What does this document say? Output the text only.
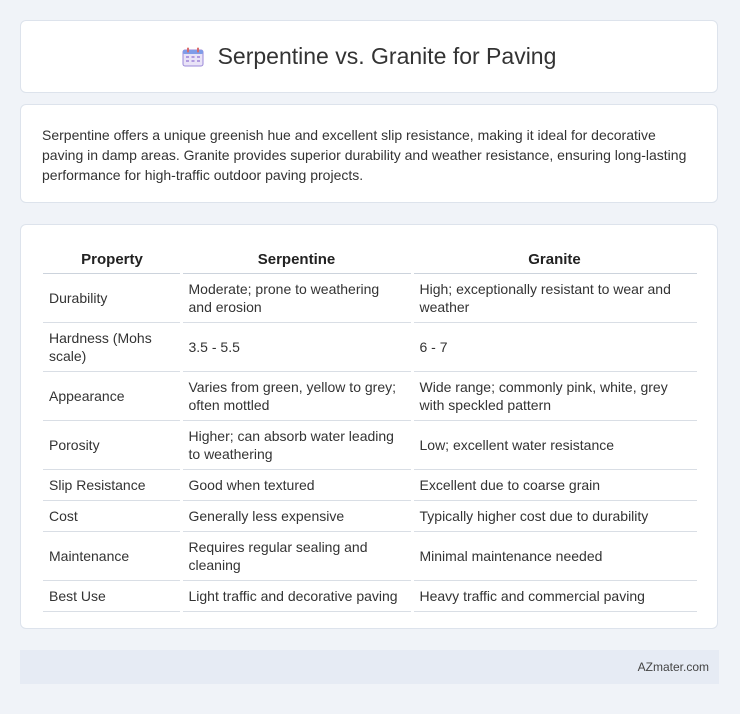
Serpentine vs. Granite for Paving

Serpentine offers a unique greenish hue and excellent slip resistance, making it ideal for decorative paving in damp areas. Granite provides superior durability and weather resistance, ensuring long-lasting performance for high-traffic outdoor paving projects.

Property	Serpentine	Granite
Durability	Moderate; prone to weathering and erosion	High; exceptionally resistant to wear and weather
Hardness (Mohs scale)	3.5 - 5.5	6 - 7
Appearance	Varies from green, yellow to grey; often mottled	Wide range; commonly pink, white, grey with speckled pattern
Porosity	Higher; can absorb water leading to weathering	Low; excellent water resistance
Slip Resistance	Good when textured	Excellent due to coarse grain
Cost	Generally less expensive	Typically higher cost due to durability
Maintenance	Requires regular sealing and cleaning	Minimal maintenance needed
Best Use	Light traffic and decorative paving	Heavy traffic and commercial paving
AZmater.com
